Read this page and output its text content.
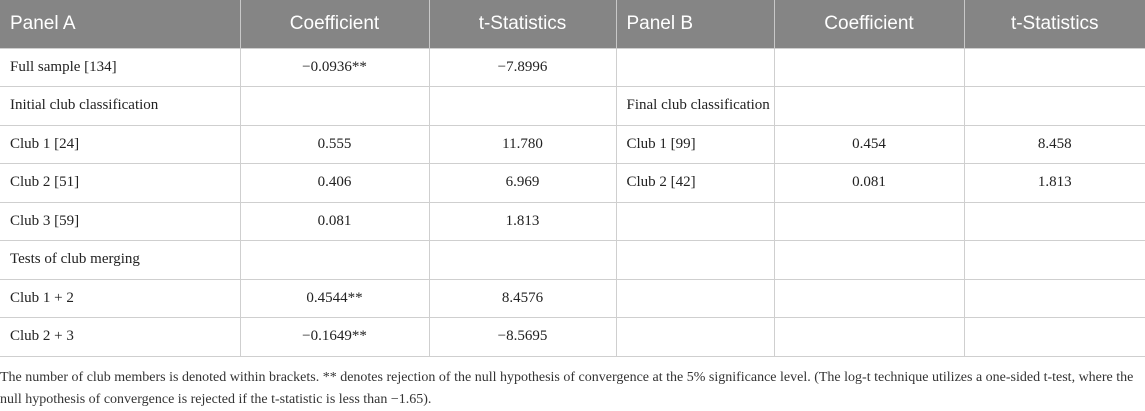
Panel A	Coefficient	t-Statistics	Panel B	Coefficient	t-Statistics
Full sample [134]	−0.0936**	−7.8996			
Initial club classification			Final club classification		
Club 1 [24]	0.555	11.780	Club 1 [99]	0.454	8.458
Club 2 [51]	0.406	6.969	Club 2 [42]	0.081	1.813
Club 3 [59]	0.081	1.813			
Tests of club merging					
Club 1 + 2	0.4544**	8.4576			
Club 2 + 3	−0.1649**	−8.5695			

The number of club members is denoted within brackets. ** denotes rejection of the null hypothesis of convergence at the 5% significance level. (The log-t technique utilizes a one-sided t-test, where the null hypothesis of convergence is rejected if the t-statistic is less than −1.65).
